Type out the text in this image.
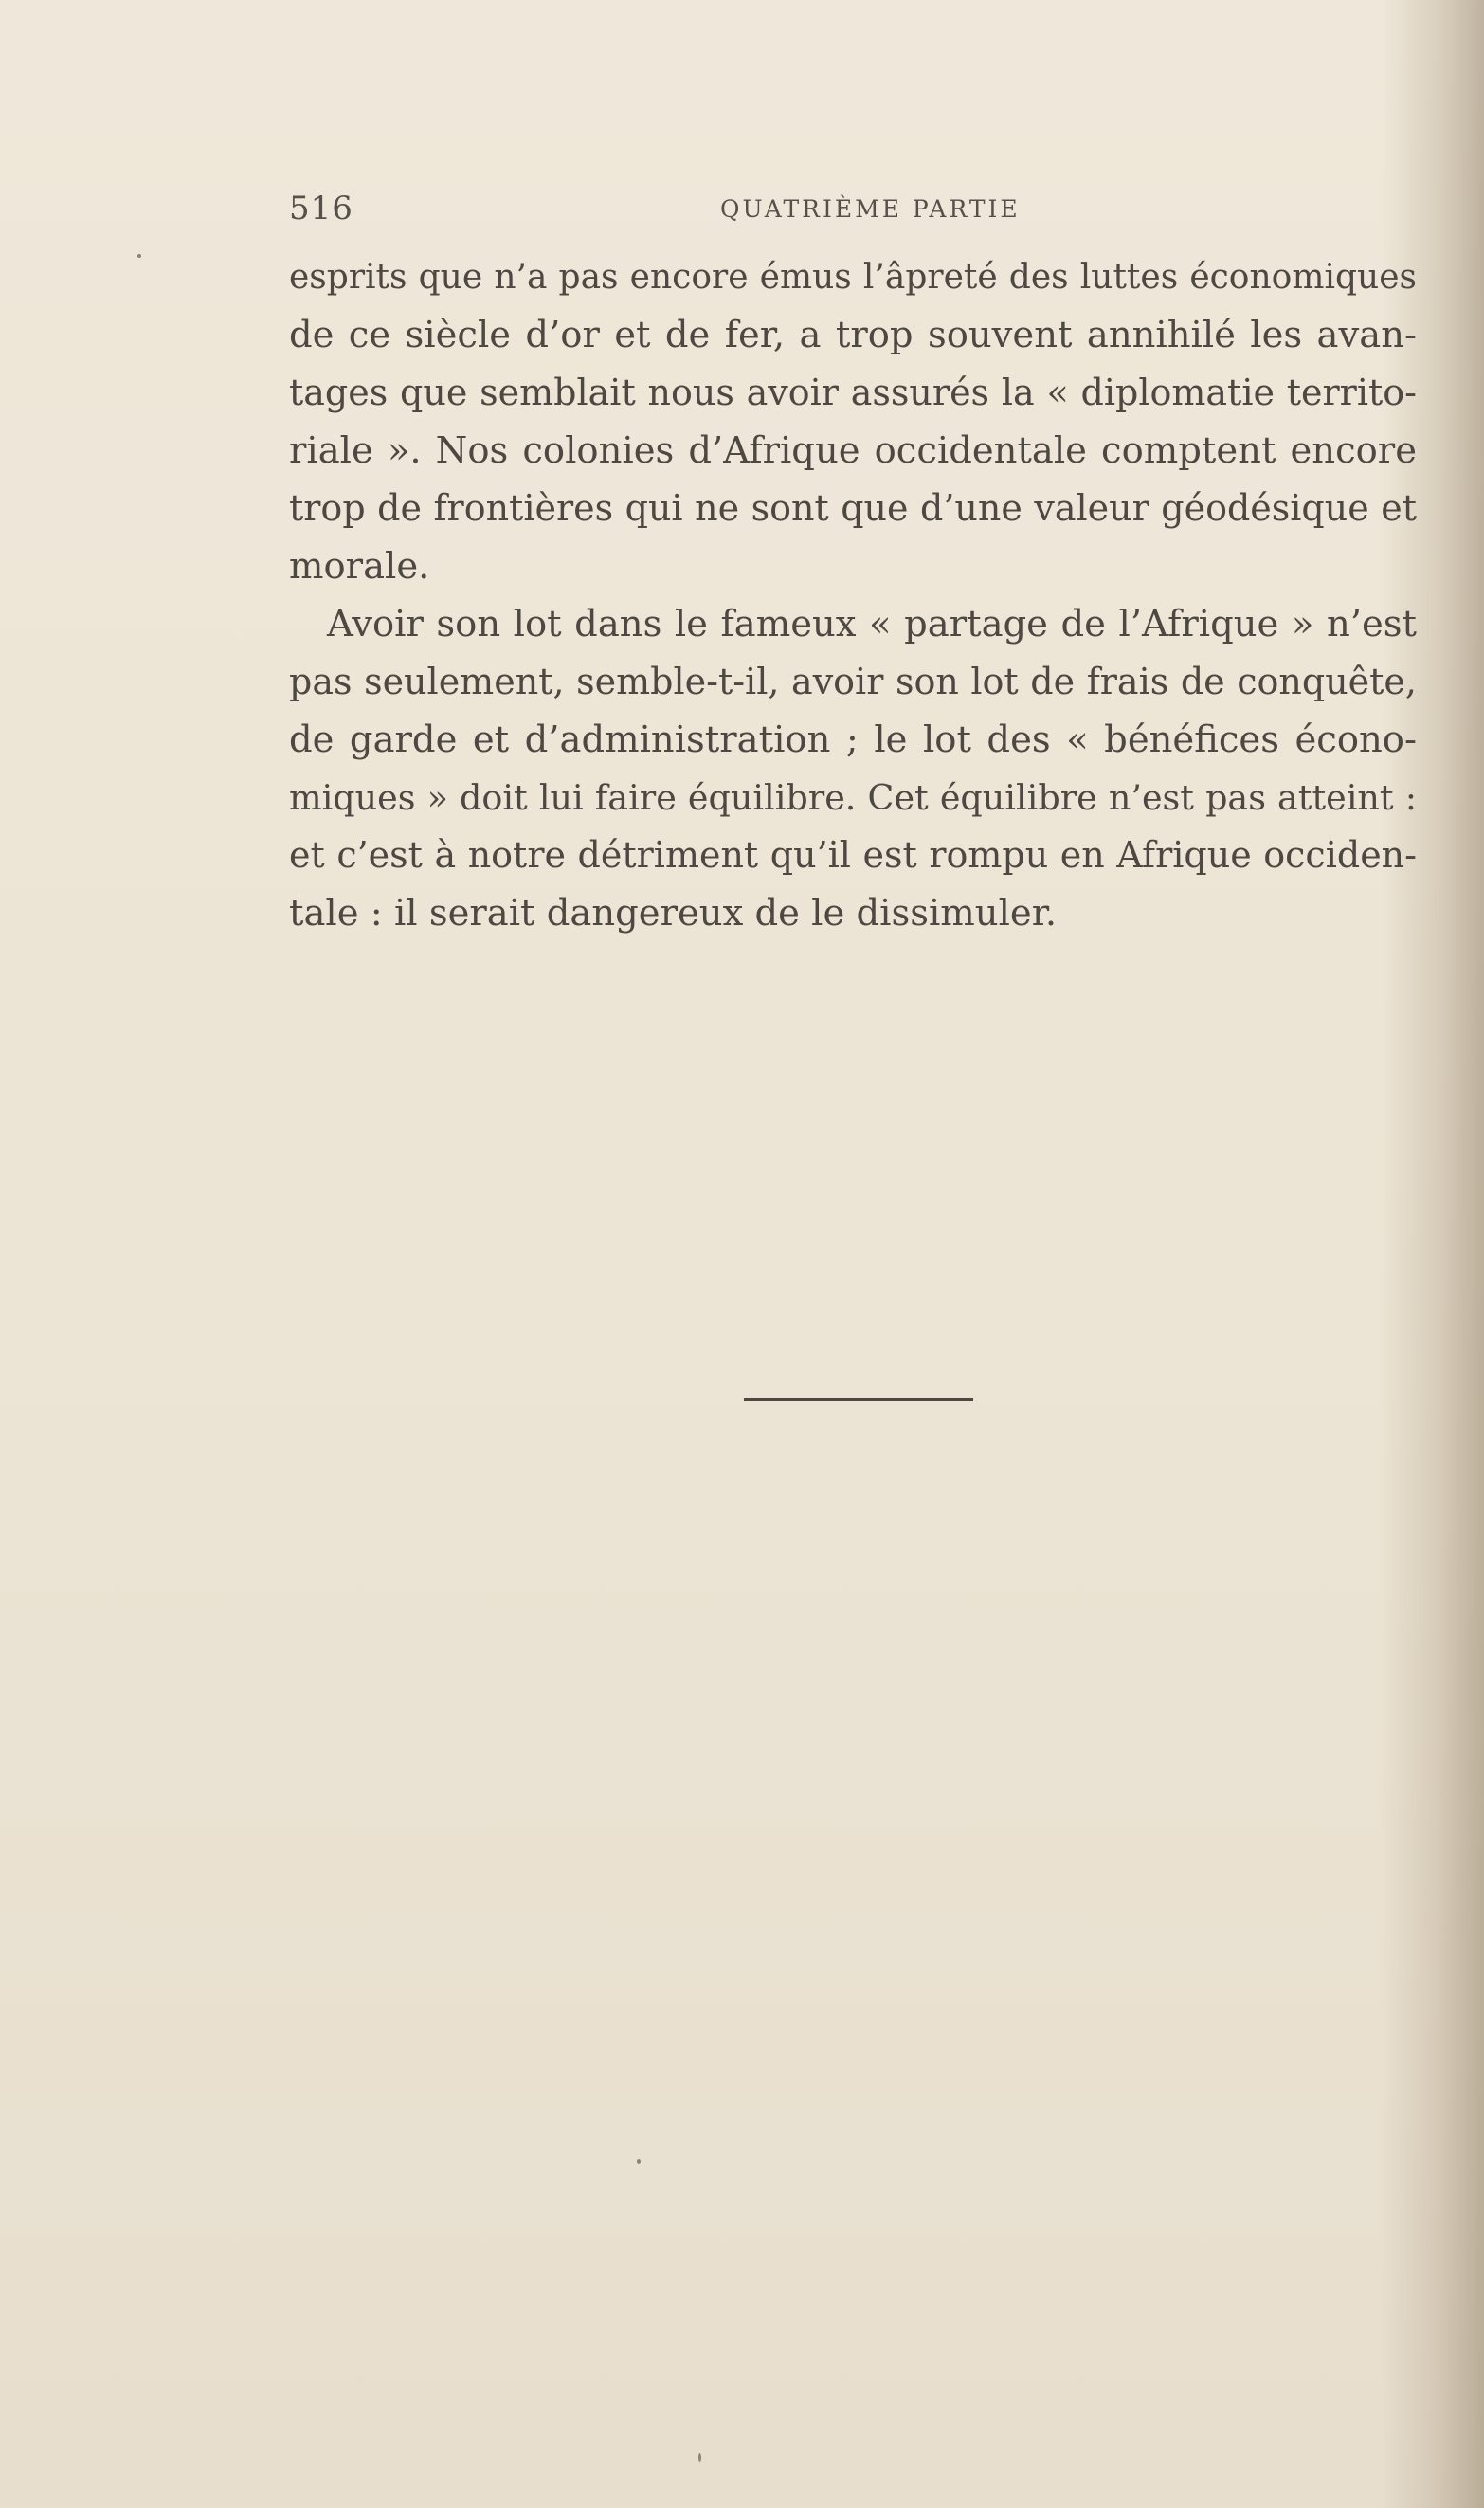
516	QUATRIÈME PARTIE
esprits que n’a pas encore émus l’âpreté des luttes économiques
de ce siècle d’or et de fer, a trop souvent annihilé les avan-
tages que semblait nous avoir assurés la « diplomatie territo-
riale ». Nos colonies d’Afrique occidentale comptent encore
trop de frontières qui ne sont que d’une valeur géodésique et
morale.
Avoir son lot dans le fameux « partage de l’Afrique » n’est
pas seulement, semble-t-il, avoir son lot de frais de conquête,
de garde et d’administration ; le lot des « bénéfices écono-
miques » doit lui faire équilibre. Cet équilibre n’est pas atteint :
et c’est à notre détriment qu’il est rompu en Afrique occiden-
tale : il serait dangereux de le dissimuler.
